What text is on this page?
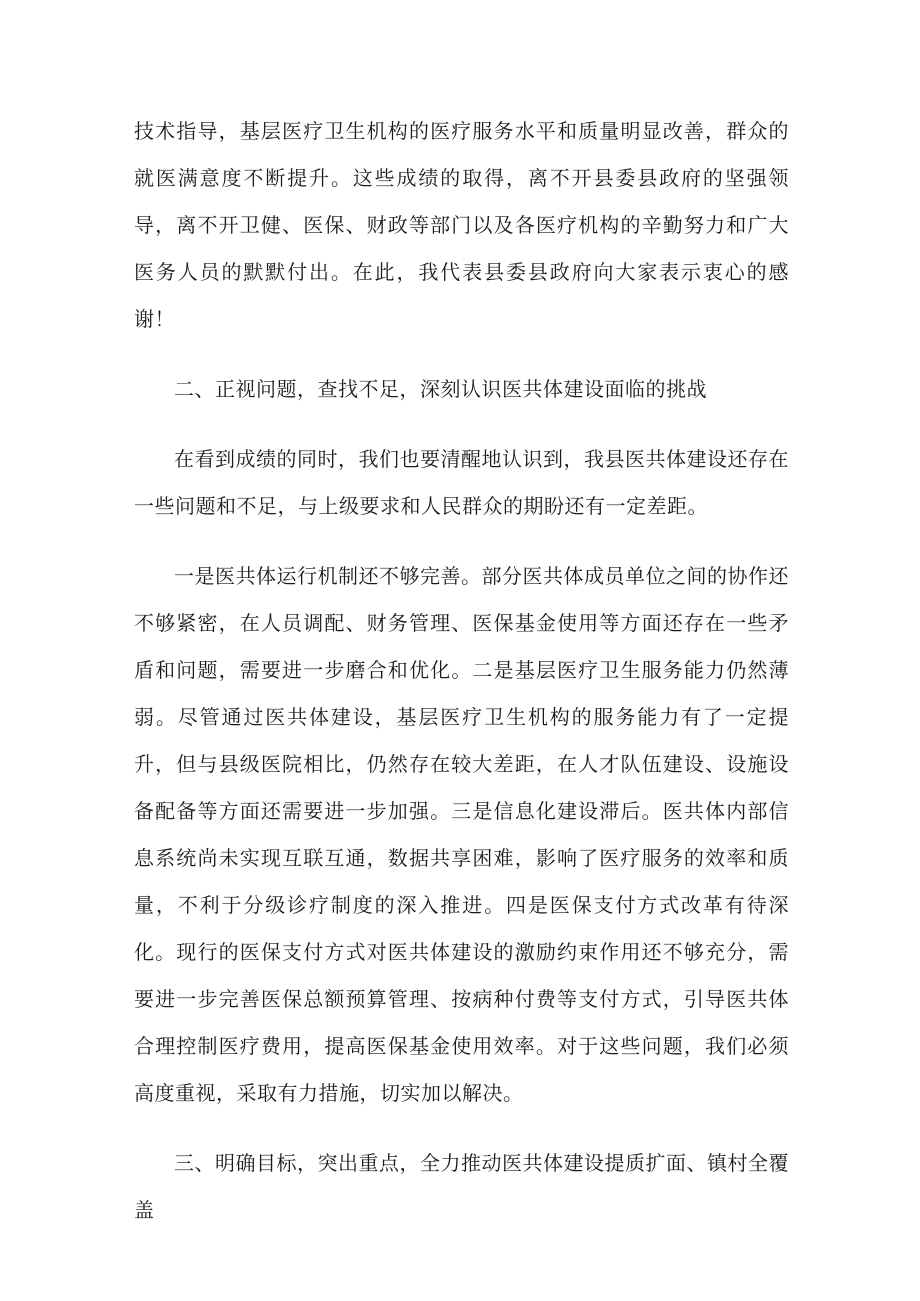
技术指导，基层医疗卫生机构的医疗服务水平和质量明显改善，群众的就医满意度不断提升。这些成绩的取得，离不开县委县政府的坚强领导，离不开卫健、医保、财政等部门以及各医疗机构的辛勤努力和广大医务人员的默默付出。在此，我代表县委县政府向大家表示衷心的感谢！

二、正视问题，查找不足，深刻认识医共体建设面临的挑战

在看到成绩的同时，我们也要清醒地认识到，我县医共体建设还存在一些问题和不足，与上级要求和人民群众的期盼还有一定差距。

一是医共体运行机制还不够完善。部分医共体成员单位之间的协作还不够紧密，在人员调配、财务管理、医保基金使用等方面还存在一些矛盾和问题，需要进一步磨合和优化。二是基层医疗卫生服务能力仍然薄弱。尽管通过医共体建设，基层医疗卫生机构的服务能力有了一定提升，但与县级医院相比，仍然存在较大差距，在人才队伍建设、设施设备配备等方面还需要进一步加强。三是信息化建设滞后。医共体内部信息系统尚未实现互联互通，数据共享困难，影响了医疗服务的效率和质量，不利于分级诊疗制度的深入推进。四是医保支付方式改革有待深化。现行的医保支付方式对医共体建设的激励约束作用还不够充分，需要进一步完善医保总额预算管理、按病种付费等支付方式，引导医共体合理控制医疗费用，提高医保基金使用效率。对于这些问题，我们必须高度重视，采取有力措施，切实加以解决。

三、明确目标，突出重点，全力推动医共体建设提质扩面、镇村全覆盖
